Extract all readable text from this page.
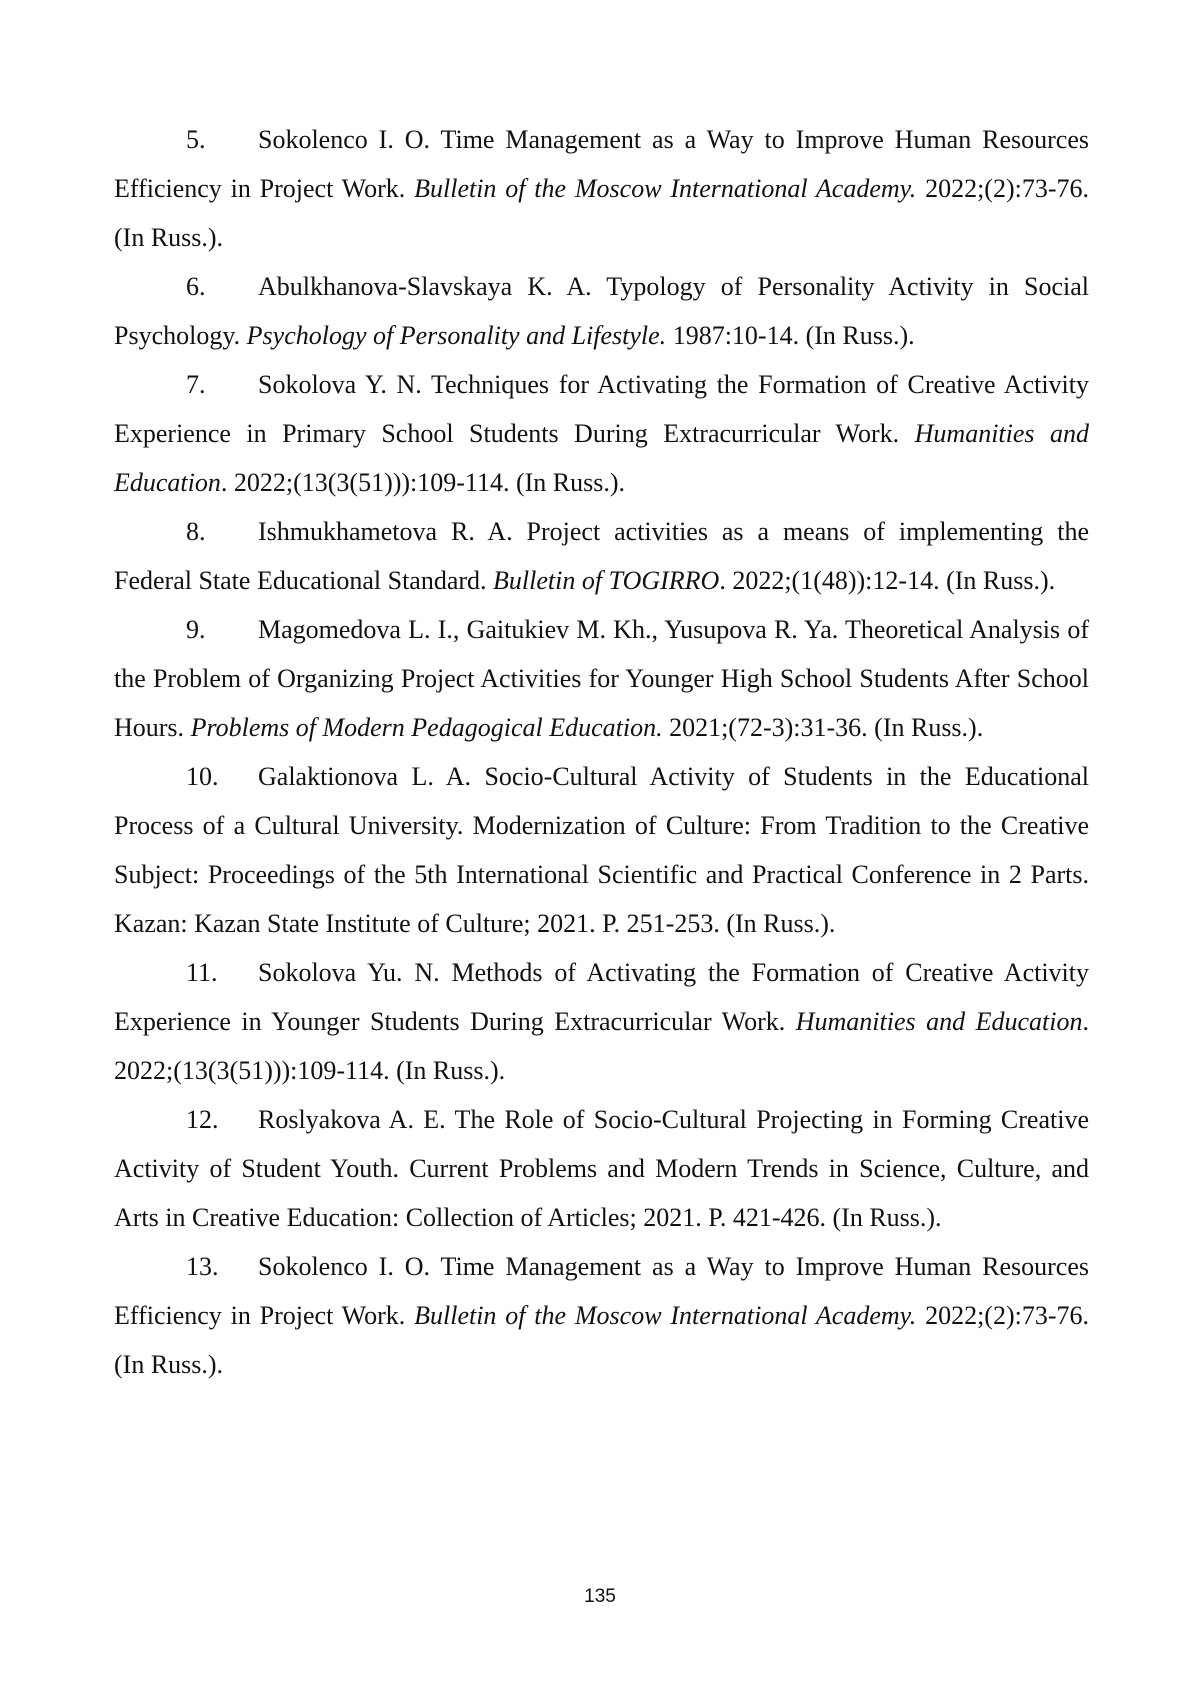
5. Sokolenco I. O. Time Management as a Way to Improve Human Resources Efficiency in Project Work. Bulletin of the Moscow International Academy. 2022;(2):73-76. (In Russ.).

6. Abulkhanova-Slavskaya K. A. Typology of Personality Activity in Social Psychology. Psychology of Personality and Lifestyle. 1987:10-14. (In Russ.).

7. Sokolova Y. N. Techniques for Activating the Formation of Creative Activity Experience in Primary School Students During Extracurricular Work. Humanities and Education. 2022;(13(3(51))):109-114. (In Russ.).

8. Ishmukhametova R. A. Project activities as a means of implementing the Federal State Educational Standard. Bulletin of TOGIRRO. 2022;(1(48)):12-14. (In Russ.).

9. Magomedova L. I., Gaitukiev M. Kh., Yusupova R. Ya. Theoretical Analysis of the Problem of Organizing Project Activities for Younger High School Students After School Hours. Problems of Modern Pedagogical Education. 2021;(72-3):31-36. (In Russ.).

10. Galaktionova L. A. Socio-Cultural Activity of Students in the Educational Process of a Cultural University. Modernization of Culture: From Tradition to the Creative Subject: Proceedings of the 5th International Scientific and Practical Conference in 2 Parts. Kazan: Kazan State Institute of Culture; 2021. P. 251-253. (In Russ.).

11. Sokolova Yu. N. Methods of Activating the Formation of Creative Activity Experience in Younger Students During Extracurricular Work. Humanities and Education. 2022;(13(3(51))):109-114. (In Russ.).

12. Roslyakova A. E. The Role of Socio-Cultural Projecting in Forming Creative Activity of Student Youth. Current Problems and Modern Trends in Science, Culture, and Arts in Creative Education: Collection of Articles; 2021. P. 421-426. (In Russ.).

13. Sokolenco I. O. Time Management as a Way to Improve Human Resources Efficiency in Project Work. Bulletin of the Moscow International Academy. 2022;(2):73-76. (In Russ.).

135
